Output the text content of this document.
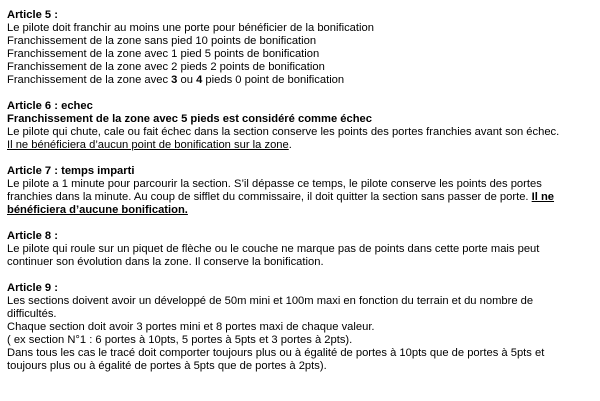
Article 5 :
Le pilote doit franchir au moins une porte pour bénéficier de la bonification
Franchissement de la zone sans pied 10 points de bonification
Franchissement de la zone avec 1 pied 5 points de bonification
Franchissement de la zone avec 2 pieds 2 points de bonification
Franchissement de la zone avec 3 ou 4 pieds 0 point de bonification
Article 6 : echec
Franchissement de la zone avec 5 pieds est considéré comme échec
Le pilote qui chute, cale ou fait échec dans la section conserve les points des portes franchies avant son échec.
Il ne bénéficiera d’aucun point de bonification sur la zone.
Article 7 : temps imparti
Le pilote a 1 minute pour parcourir la section. S’il dépasse ce temps, le pilote conserve les points des portes
franchies dans la minute. Au coup de sifflet du commissaire, il doit quitter la section sans passer de porte. Il ne
bénéficiera d’aucune bonification.
Article 8 :
Le pilote qui roule sur un piquet de flèche ou le couche ne marque pas de points dans cette porte mais peut
continuer son évolution dans la zone. Il conserve la bonification.
Article 9 :
Les sections doivent avoir un développé de 50m mini et 100m maxi en fonction du terrain et du nombre de
difficultés.
Chaque section doit avoir 3 portes mini et 8 portes maxi de chaque valeur.
( ex section N°1 : 6 portes à 10pts, 5 portes à 5pts et 3 portes à 2pts).
Dans tous les cas le tracé doit comporter toujours plus ou à égalité de portes à 10pts que de portes à 5pts et
toujours plus ou à égalité de portes à 5pts que de portes à 2pts).
